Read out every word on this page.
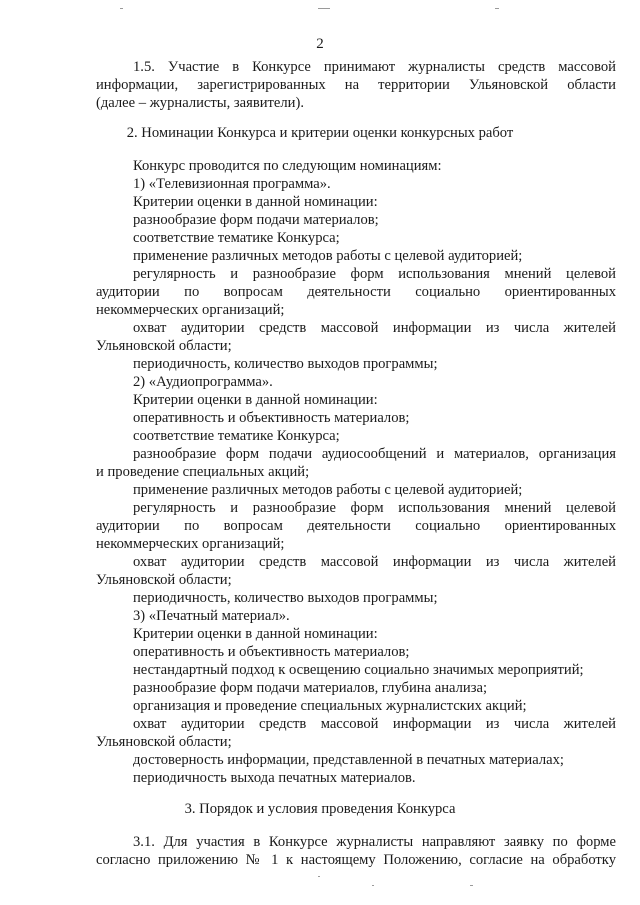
2
1.5. Участие в Конкурсе принимают журналисты средств массовой
информации, зарегистрированных на территории Ульяновской области
(далее – журналисты, заявители).
2. Номинации Конкурса и критерии оценки конкурсных работ
Конкурс проводится по следующим номинациям:
1) «Телевизионная программа».
Критерии оценки в данной номинации:
разнообразие форм подачи материалов;
соответствие тематике Конкурса;
применение различных методов работы с целевой аудиторией;
регулярность и разнообразие форм использования мнений целевой
аудитории по вопросам деятельности социально ориентированных
некоммерческих организаций;
охват аудитории средств массовой информации из числа жителей
Ульяновской области;
периодичность, количество выходов программы;
2) «Аудиопрограмма».
Критерии оценки в данной номинации:
оперативность и объективность материалов;
соответствие тематике Конкурса;
разнообразие форм подачи аудиосообщений и материалов, организация
и проведение специальных акций;
применение различных методов работы с целевой аудиторией;
регулярность и разнообразие форм использования мнений целевой
аудитории по вопросам деятельности социально ориентированных
некоммерческих организаций;
охват аудитории средств массовой информации из числа жителей
Ульяновской области;
периодичность, количество выходов программы;
3) «Печатный материал».
Критерии оценки в данной номинации:
оперативность и объективность материалов;
нестандартный подход к освещению социально значимых мероприятий;
разнообразие форм подачи материалов, глубина анализа;
организация и проведение специальных журналистских акций;
охват аудитории средств массовой информации из числа жителей
Ульяновской области;
достоверность информации, представленной в печатных материалах;
периодичность выхода печатных материалов.
3. Порядок и условия проведения Конкурса
3.1. Для участия в Конкурсе журналисты направляют заявку по форме
согласно приложению № 1 к настоящему Положению, согласие на обработку
